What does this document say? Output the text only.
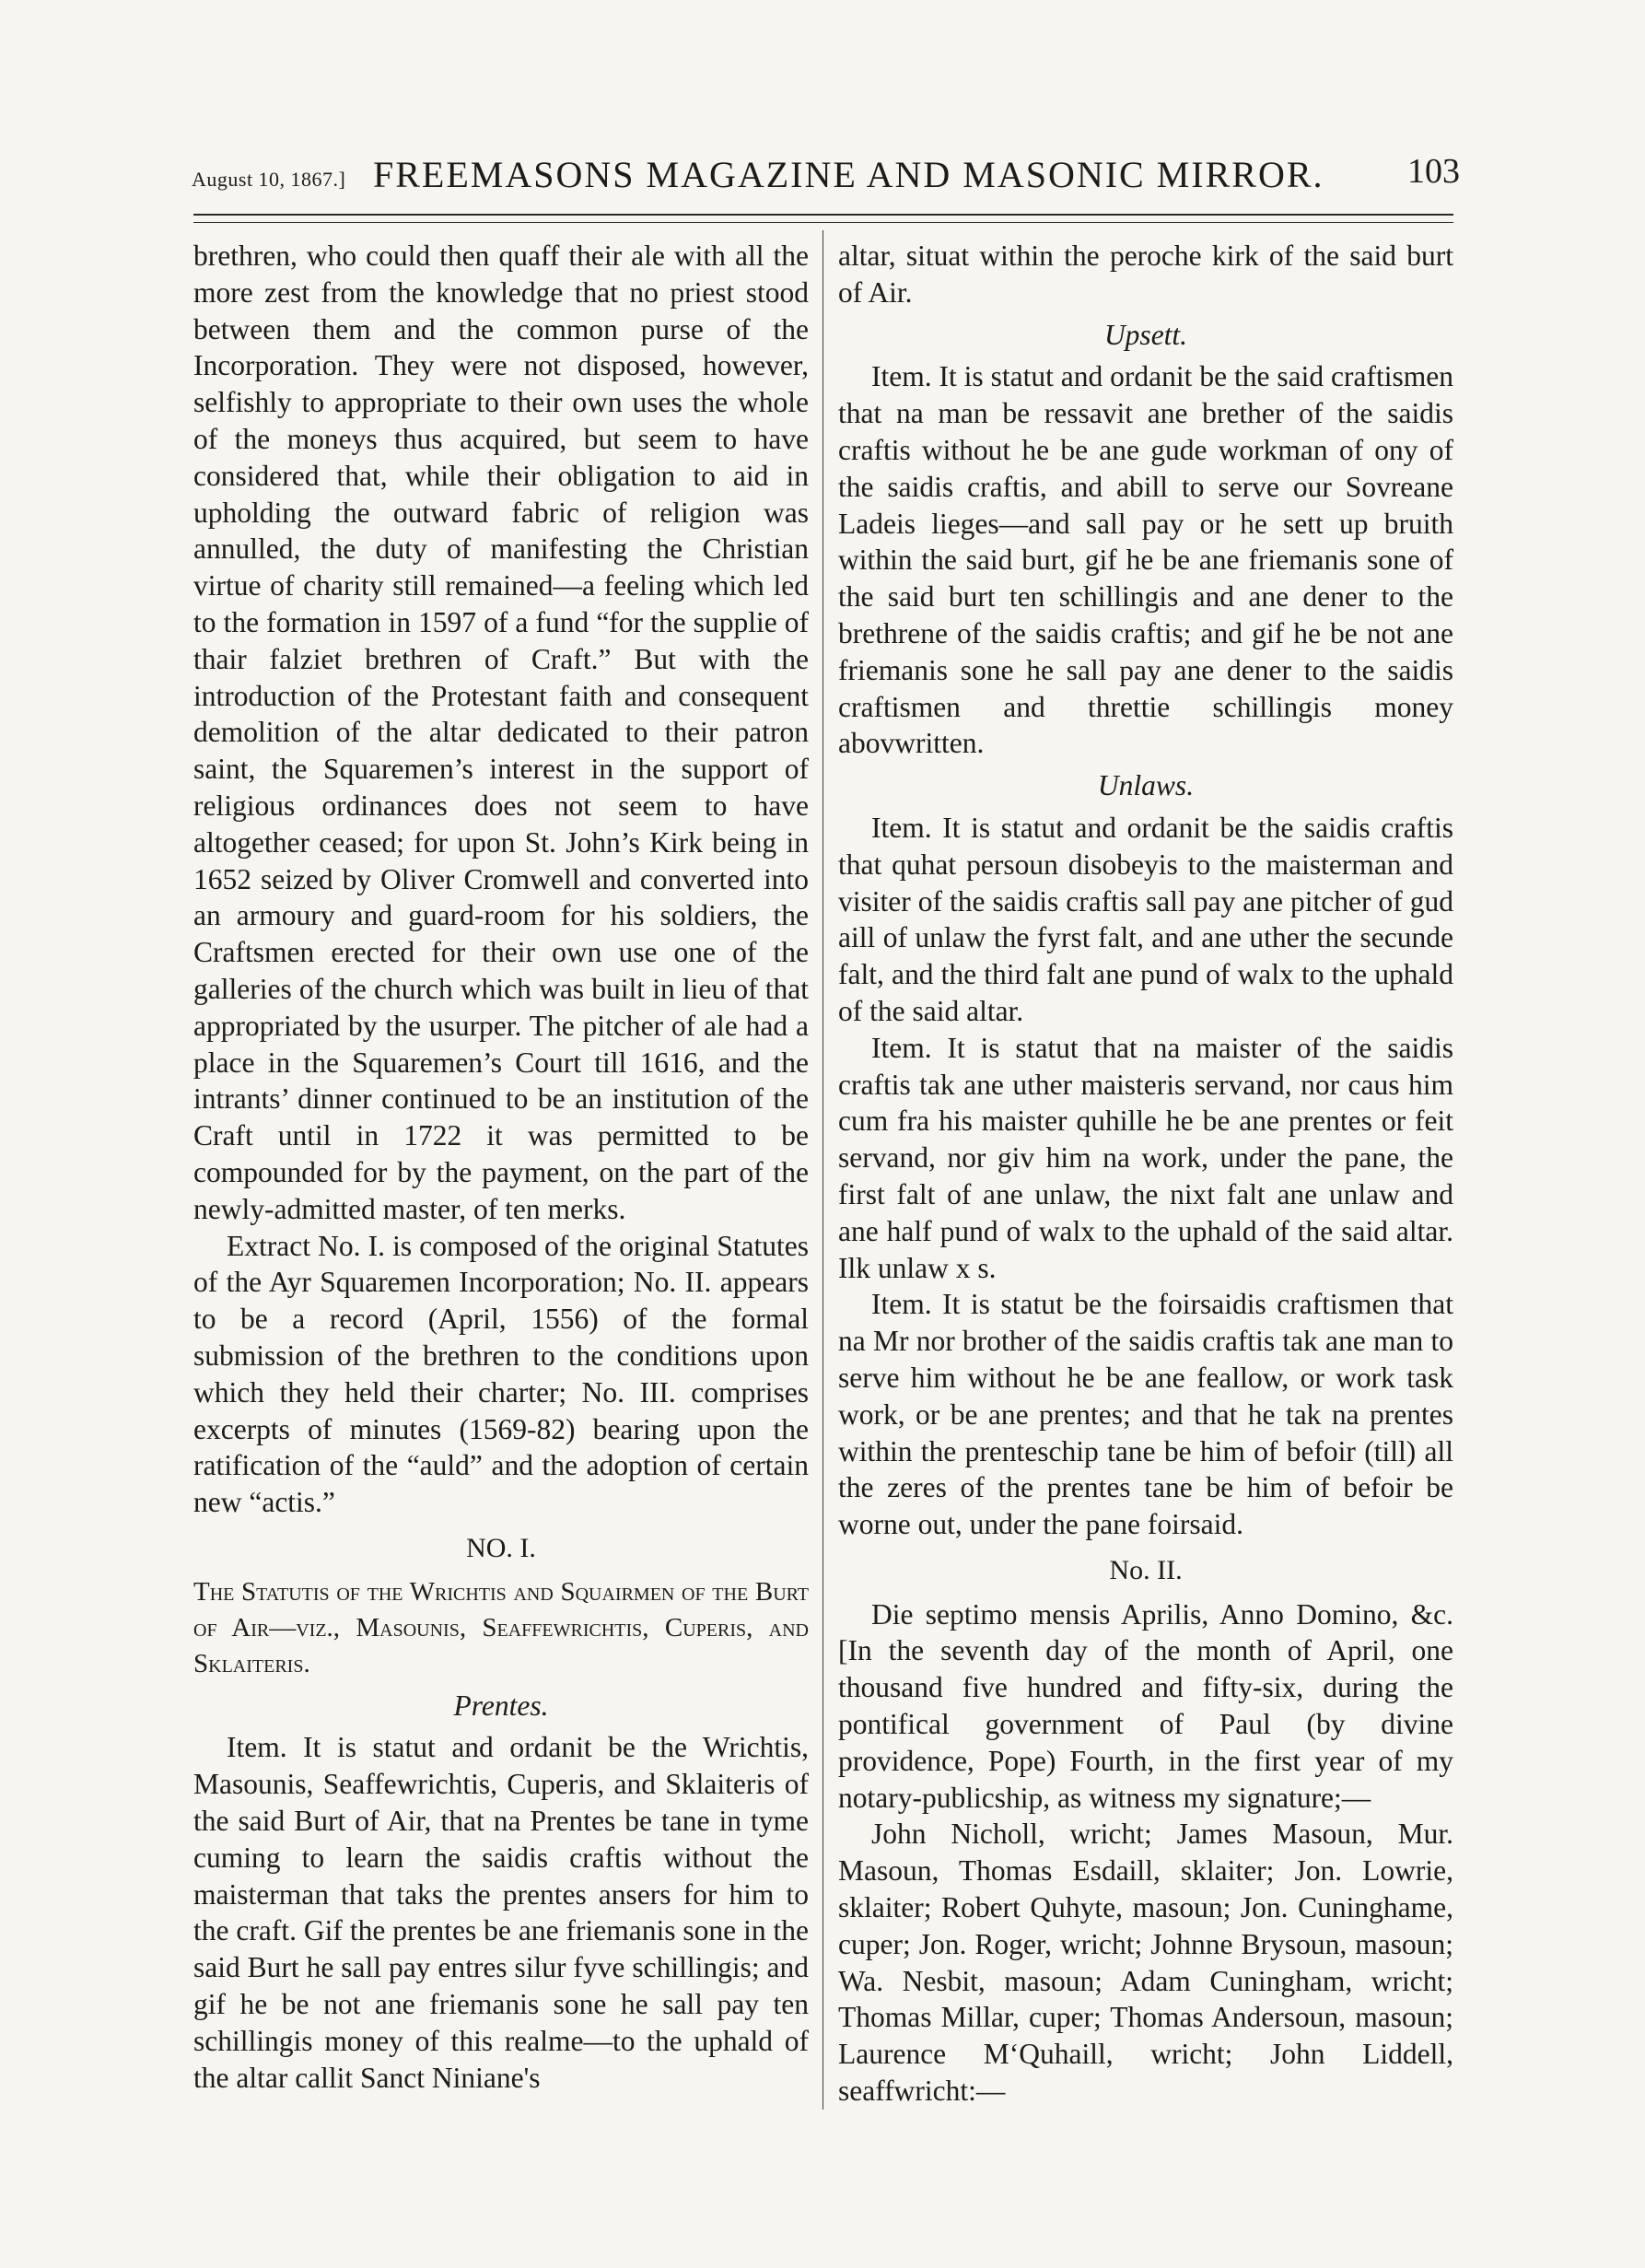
August 10, 1867.] FREEMASONS MAGAZINE AND MASONIC MIRROR. 103

brethren, who could then quaff their ale with all the more zest from the knowledge that no priest stood between them and the common purse of the Incorporation. They were not disposed, however, selfishly to appropriate to their own uses the whole of the moneys thus acquired, but seem to have considered that, while their obligation to aid in upholding the outward fabric of religion was annulled, the duty of manifesting the Christian virtue of charity still remained—a feeling which led to the formation in 1597 of a fund “for the supplie of thair falziet brethren of Craft.” But with the introduction of the Protestant faith and consequent demolition of the altar dedicated to their patron saint, the Squaremen’s interest in the support of religious ordinances does not seem to have altogether ceased; for upon St. John’s Kirk being in 1652 seized by Oliver Cromwell and converted into an armoury and guard-room for his soldiers, the Craftsmen erected for their own use one of the galleries of the church which was built in lieu of that appropriated by the usurper. The pitcher of ale had a place in the Squaremen’s Court till 1616, and the intrants’ dinner continued to be an institution of the Craft until in 1722 it was permitted to be compounded for by the payment, on the part of the newly-admitted master, of ten merks.

Extract No. I. is composed of the original Statutes of the Ayr Squaremen Incorporation; No. II. appears to be a record (April, 1556) of the formal submission of the brethren to the conditions upon which they held their charter; No. III. comprises excerpts of minutes (1569-82) bearing upon the ratification of the “auld” and the adoption of certain new “actis.”

NO. I.

The Statutis of the Wrichtis and Squairmen of the Burt of Air—viz., Masounis, Seaffewrichtis, Cuperis, and Sklaiteris.

Prentes.

Item. It is statut and ordanit be the Wrichtis, Masounis, Seaffewrichtis, Cuperis, and Sklaiteris of the said Burt of Air, that na Prentes be tane in tyme cuming to learn the saidis craftis without the maisterman that taks the prentes ansers for him to the craft. Gif the prentes be ane friemanis sone in the said Burt he sall pay entres silur fyve schillingis; and gif he be not ane friemanis sone he sall pay ten schillingis money of this realme—to the uphald of the altar callit Sanct Niniane's

altar, situat within the peroche kirk of the said burt of Air.

Upsett.

Item. It is statut and ordanit be the said craftismen that na man be ressavit ane brether of the saidis craftis without he be ane gude workman of ony of the saidis craftis, and abill to serve our Sovreane Ladeis lieges—and sall pay or he sett up bruith within the said burt, gif he be ane friemanis sone of the said burt ten schillingis and ane dener to the brethrene of the saidis craftis; and gif he be not ane friemanis sone he sall pay ane dener to the saidis craftismen and threttie schillingis money abovwritten.

Unlaws.

Item. It is statut and ordanit be the saidis craftis that quhat persoun disobeyis to the maisterman and visiter of the saidis craftis sall pay ane pitcher of gud aill of unlaw the fyrst falt, and ane uther the secunde falt, and the third falt ane pund of walx to the uphald of the said altar.

Item. It is statut that na maister of the saidis craftis tak ane uther maisteris servand, nor caus him cum fra his maister quhille he be ane prentes or feit servand, nor giv him na work, under the pane, the first falt of ane unlaw, the nixt falt ane unlaw and ane half pund of walx to the uphald of the said altar. Ilk unlaw x s.

Item. It is statut be the foirsaidis craftismen that na Mr nor brother of the saidis craftis tak ane man to serve him without he be ane feallow, or work task work, or be ane prentes; and that he tak na prentes within the prenteschip tane be him of befoir (till) all the zeres of the prentes tane be him of befoir be worne out, under the pane foirsaid.

No. II.

Die septimo mensis Aprilis, Anno Domino, &c. [In the seventh day of the month of April, one thousand five hundred and fifty-six, during the pontifical government of Paul (by divine providence, Pope) Fourth, in the first year of my notary-publicship, as witness my signature;—

John Nicholl, wricht; James Masoun, Mur. Masoun, Thomas Esdaill, sklaiter; Jon. Lowrie, sklaiter; Robert Quhyte, masoun; Jon. Cuninghame, cuper; Jon. Roger, wricht; Johnne Brysoun, masoun; Wa. Nesbit, masoun; Adam Cuningham, wricht; Thomas Millar, cuper; Thomas Andersoun, masoun; Laurence M‘Quhaill, wricht; John Liddell, seaffwricht:—
